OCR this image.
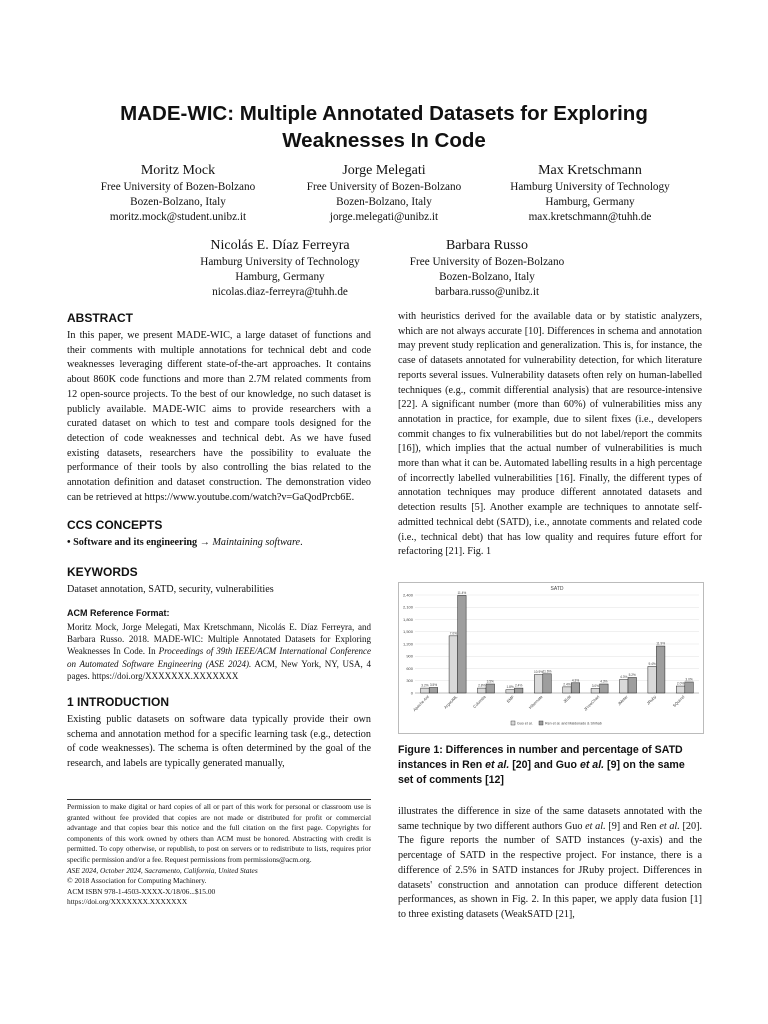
MADE-WIC: Multiple Annotated Datasets for Exploring Weaknesses In Code
Moritz Mock
Free University of Bozen-Bolzano
Bozen-Bolzano, Italy
moritz.mock@student.unibz.it
Jorge Melegati
Free University of Bozen-Bolzano
Bozen-Bolzano, Italy
jorge.melegati@unibz.it
Max Kretschmann
Hamburg University of Technology
Hamburg, Germany
max.kretschmann@tuhh.de
Nicolás E. Díaz Ferreyra
Hamburg University of Technology
Hamburg, Germany
nicolas.diaz-ferreyra@tuhh.de
Barbara Russo
Free University of Bozen-Bolzano
Bozen-Bolzano, Italy
barbara.russo@unibz.it
ABSTRACT

In this paper, we present MADE-WIC, a large dataset of functions and their comments with multiple annotations for technical debt and code weaknesses leveraging different state-of-the-art approaches. It contains about 860K code functions and more than 2.7M related comments from 12 open-source projects. To the best of our knowledge, no such dataset is publicly available. MADE-WIC aims to provide researchers with a curated dataset on which to test and compare tools designed for the detection of code weaknesses and technical debt. As we have fused existing datasets, researchers have the possibility to evaluate the performance of their tools by also controlling the bias related to the annotation definition and dataset construction. The demonstration video can be retrieved at https://www.youtube.com/watch?v=GaQodPrcb6E.

CCS CONCEPTS

• Software and its engineering → Maintaining software.

KEYWORDS

Dataset annotation, SATD, security, vulnerabilities

ACM Reference Format:

Moritz Mock, Jorge Melegati, Max Kretschmann, Nicolás E. Díaz Ferreyra, and Barbara Russo. 2018. MADE-WIC: Multiple Annotated Datasets for Exploring Weaknesses In Code. In Proceedings of 39th IEEE/ACM International Conference on Automated Software Engineering (ASE 2024). ACM, New York, NY, USA, 4 pages. https://doi.org/XXXXXXX.XXXXXXX

1 INTRODUCTION

Existing public datasets on software data typically provide their own schema and annotation method for a specific learning task (e.g., detection of code weaknesses). The schema is often determined by the goal of the research, and labels are typically generated manually,

Permission to make digital or hard copies of all or part of this work for personal or classroom use is granted without fee provided that copies are not made or distributed for profit or commercial advantage and that copies bear this notice and the full citation on the first page. Copyrights for components of this work owned by others than ACM must be honored. Abstracting with credit is permitted. To copy otherwise, or republish, to post on servers or to redistribute to lists, requires prior specific permission and/or a fee. Request permissions from permissions@acm.org.

ASE 2024, October 2024, Sacramento, California, United States

© 2018 Association for Computing Machinery.

ACM ISBN 978-1-4503-XXXX-X/18/06...$15.00

https://doi.org/XXXXXXX.XXXXXXX

with heuristics derived for the available data or by statistic analyzers, which are not always accurate [10]. Differences in schema and annotation may prevent study replication and generalization. This is, for instance, the case of datasets annotated for vulnerability detection, for which literature reports several issues. Vulnerability datasets often rely on human-labelled techniques (e.g., commit differential analysis) that are resource-intensive [22]. A significant number (more than 60%) of vulnerabilities miss any annotation in practice, for example, due to silent fixes (i.e., developers commit changes to fix vulnerabilities but do not label/report the commits [16]), which implies that the actual number of vulnerabilities is much more than what it can be. Automated labelling results in a high percentage of incorrectly labelled vulnerabilities [16]. Finally, the different types of annotation techniques may produce different annotated datasets and detection results [5]. Another example are techniques to annotate self-admitted technical debt (SATD), i.e., annotate comments and related code (i.e., technical debt) that has low quality and requires future effort for refactoring [21]. Fig. 1

SATD
0
300
600
900
1,200
1,500
1,800
2,100
2,400
3.2% 3.5%
Apache Ant
7.0%
11.4%
ArgoUML
2.8%
3.5%
Columba
1.8% 2.4%
EMF
10.9% 11.6%
Hibernate
2.4%
4.3%
JEdit
3.0%
4.3%
JFreeChart
4.3%
5.2%
JMeter
9.4%
11.9%
JRuby
2.0%
3.0%
SQuirrel
Guo et al.	Ren et al. and Maldonado & Shihab
Figure 1: Differences in number and percentage of SATD instances in Ren et al. [20] and Guo et al. [9] on the same set of comments [12]

illustrates the difference in size of the same datasets annotated with the same technique by two different authors Guo et al. [9] and Ren et al. [20]. The figure reports the number of SATD instances (y-axis) and the percentage of SATD in the respective project. For instance, there is a difference of 2.5% in SATD instances for JRuby project. Differences in datasets' construction and annotation can produce different detection performances, as shown in Fig. 2. In this paper, we apply data fusion [1] to three existing datasets (WeakSATD [21],
